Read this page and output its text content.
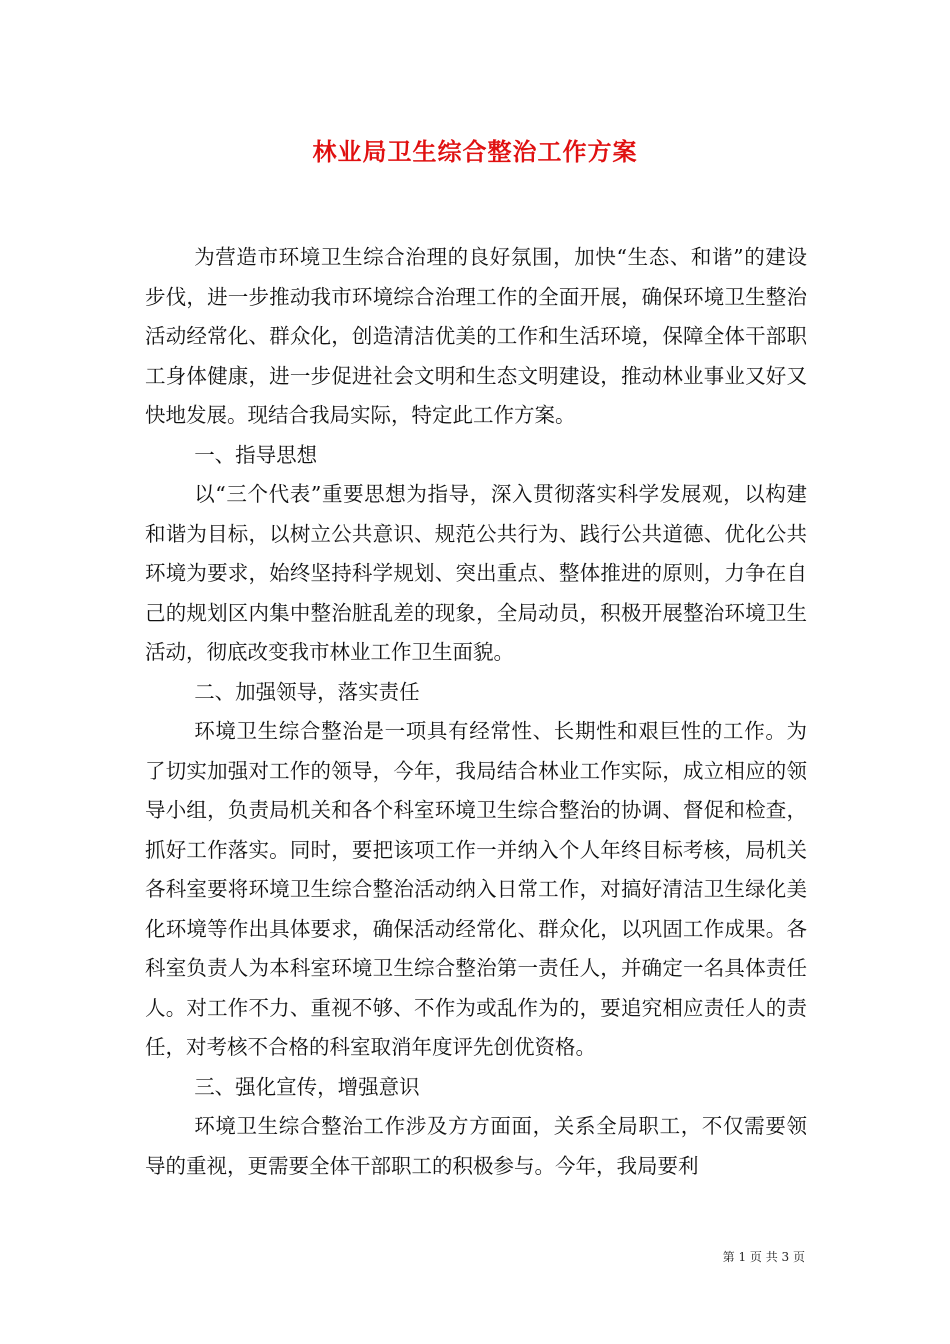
林业局卫生综合整治工作方案

为营造市环境卫生综合治理的良好氛围，加快“生态、和谐”的建设步伐，进一步推动我市环境综合治理工作的全面开展，确保环境卫生整治活动经常化、群众化，创造清洁优美的工作和生活环境，保障全体干部职工身体健康，进一步促进社会文明和生态文明建设，推动林业事业又好又快地发展。现结合我局实际，特定此工作方案。

一、指导思想

以“三个代表”重要思想为指导，深入贯彻落实科学发展观，以构建和谐为目标，以树立公共意识、规范公共行为、践行公共道德、优化公共环境为要求，始终坚持科学规划、突出重点、整体推进的原则，力争在自己的规划区内集中整治脏乱差的现象，全局动员，积极开展整治环境卫生活动，彻底改变我市林业工作卫生面貌。

二、加强领导，落实责任

环境卫生综合整治是一项具有经常性、长期性和艰巨性的工作。为了切实加强对工作的领导，今年，我局结合林业工作实际，成立相应的领导小组，负责局机关和各个科室环境卫生综合整治的协调、督促和检查，抓好工作落实。同时，要把该项工作一并纳入个人年终目标考核，局机关各科室要将环境卫生综合整治活动纳入日常工作，对搞好清洁卫生绿化美化环境等作出具体要求，确保活动经常化、群众化，以巩固工作成果。各科室负责人为本科室环境卫生综合整治第一责任人，并确定一名具体责任人。对工作不力、重视不够、不作为或乱作为的，要追究相应责任人的责任，对考核不合格的科室取消年度评先创优资格。

三、强化宣传，增强意识

环境卫生综合整治工作涉及方方面面，关系全局职工，不仅需要领导的重视，更需要全体干部职工的积极参与。今年，我局要利

第 1 页 共 3 页
